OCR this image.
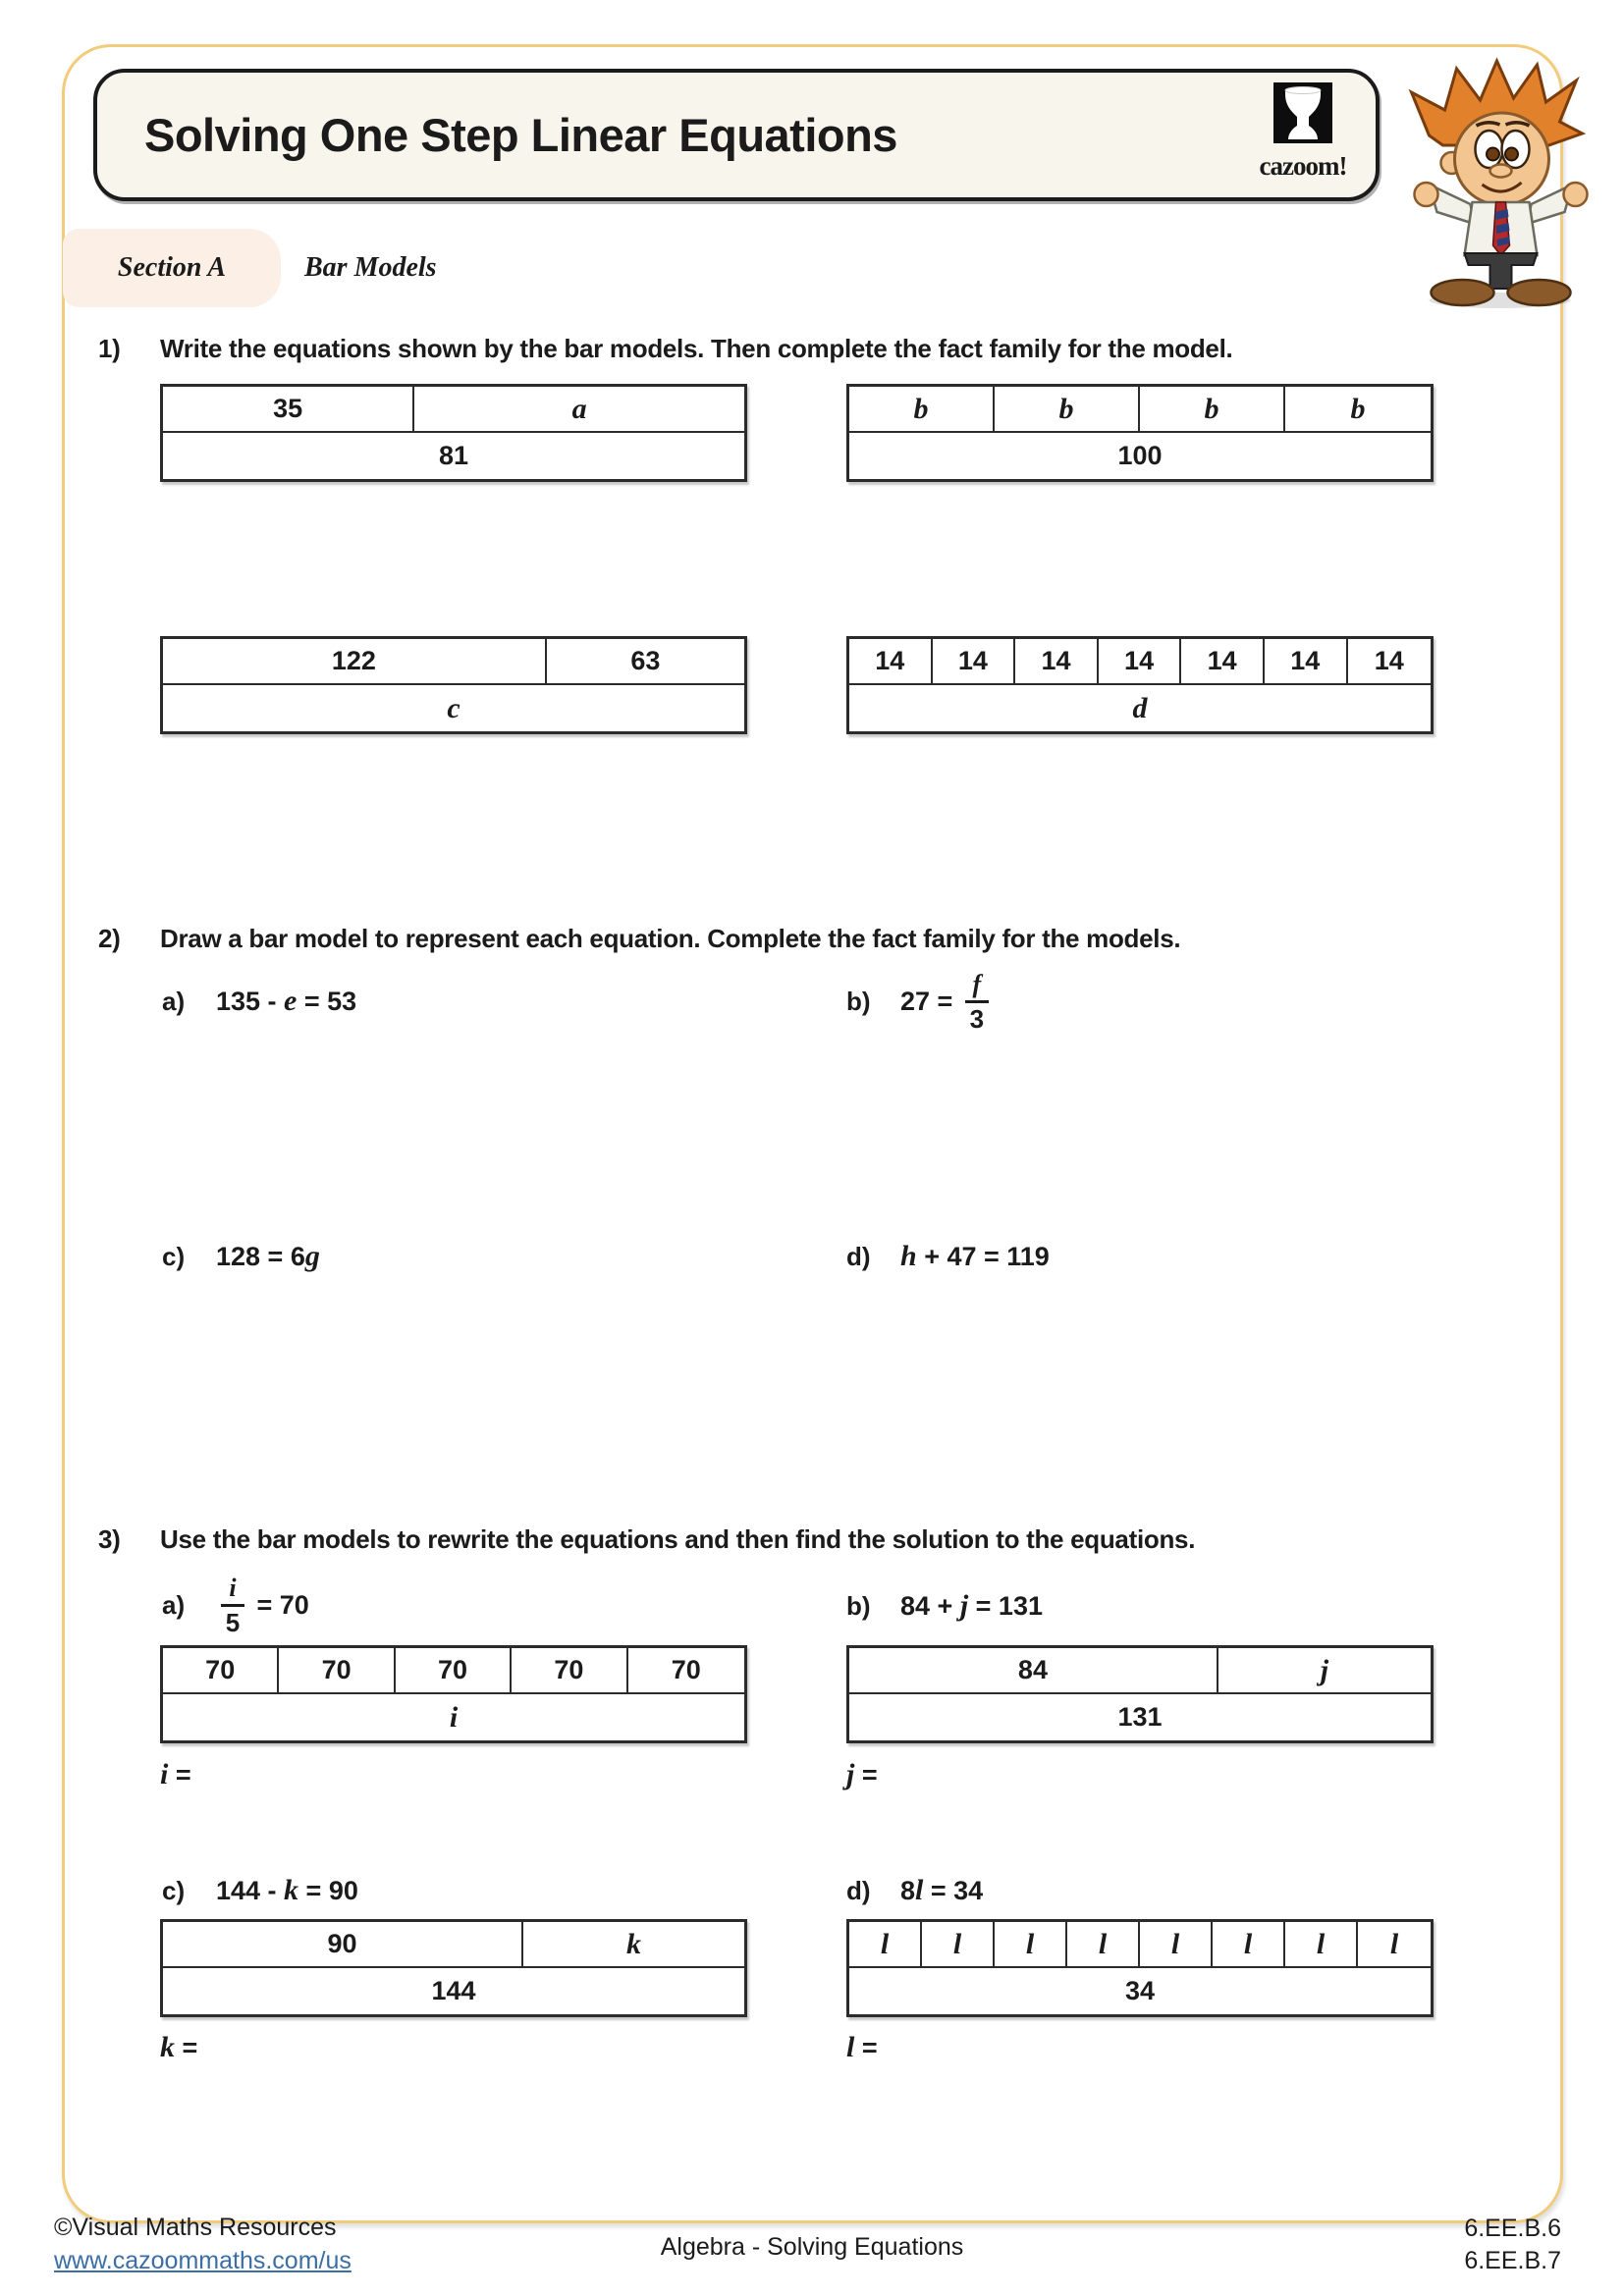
Solving One Step Linear Equations
cazoom!
Section A	Bar Models
1)	Write the equations shown by the bar models. Then complete the fact family for the model.
35	a
81
b	b	b	b
100
122	63
c
14	14	14	14	14	14	14
d
2)	Draw a bar model to represent each equation. Complete the fact family for the models.
a)	135 - e = 53	b)	$27 = \frac{f}{3}$
c)	128 = 6 g	d)	h + 47 = 119
3)	Use the bar models to rewrite the equations and then find the solution to the equations.
a)	$\frac{i}{5} = 70$	b)	84 + j = 131
70	70	70	70	70
i
84	j
131
i =	j =
c)	144 - k = 90	d)	8 l = 34
90	k
144
l	l	l	l	l	l	l	l
34
k =	l =
©Visual Maths Resources
www.cazoommaths.com/us	Algebra - Solving Equations
6.EE.B.6
6.EE.B.7
